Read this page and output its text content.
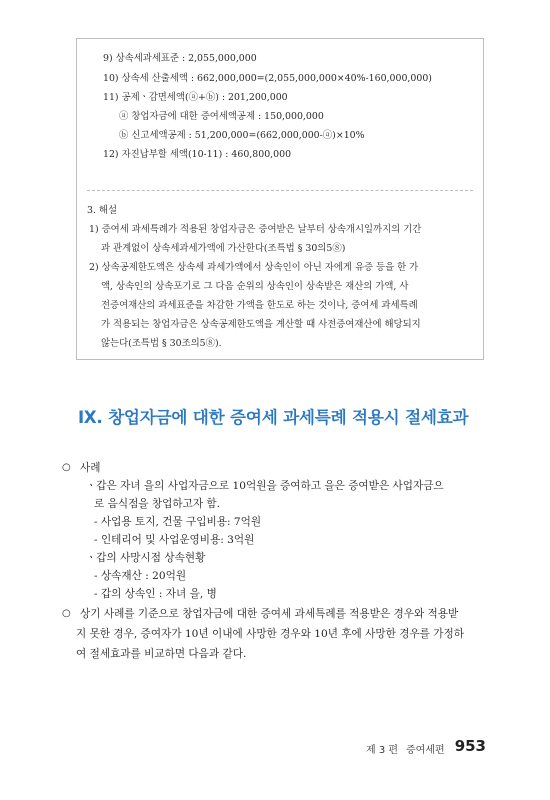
9) 상속세과세표준 : 2,055,000,000
10) 상속세 산출세액 : 662,000,000=(2,055,000,000×40%-160,000,000)
11) 공제ㆍ감면세액(ⓐ+ⓑ) : 201,200,000
ⓐ 창업자금에 대한 증여세액공제 : 150,000,000
ⓑ 신고세액공제 : 51,200,000=(662,000,000-ⓐ)×10%
12) 자진납부할 세액(10-11) : 460,800,000
3. 해설
1) 증여세 과세특례가 적용된 창업자금은 증여받은 날부터 상속개시일까지의 기간
과 관계없이 상속세과세가액에 가산한다(조특법 § 30의5⑧)
2) 상속공제한도액은 상속세 과세가액에서 상속인이 아닌 자에게 유증 등을 한 가
액, 상속인의 상속포기로 그 다음 순위의 상속인이 상속받은 재산의 가액, 사
전증여재산의 과세표준을 차감한 가액을 한도로 하는 것이나, 증여세 과세특례
가 적용되는 창업자금은 상속공제한도액을 계산할 때 사전증여재산에 해당되지
않는다(조특법 § 30조의5⑧).
Ⅸ. 창업자금에 대한 증여세 과세특례 적용시 절세효과
○ 사례
ㆍ갑은 자녀 을의 사업자금으로 10억원을 증여하고 을은 증여받은 사업자금으
로 음식점을 창업하고자 함.
- 사업용 토지, 건물 구입비용: 7억원
- 인테리어 및 사업운영비용: 3억원
ㆍ갑의 사망시점 상속현황
- 상속재산 : 20억원
- 갑의 상속인 : 자녀 을, 병
○ 상기 사례를 기준으로 창업자금에 대한 증여세 과세특례를 적용받은 경우와 적용받
지 못한 경우, 증여자가 10년 이내에 사망한 경우와 10년 후에 사망한 경우를 가정하
여 절세효과를 비교하면 다음과 같다.
제 3 편 증여세편 953
